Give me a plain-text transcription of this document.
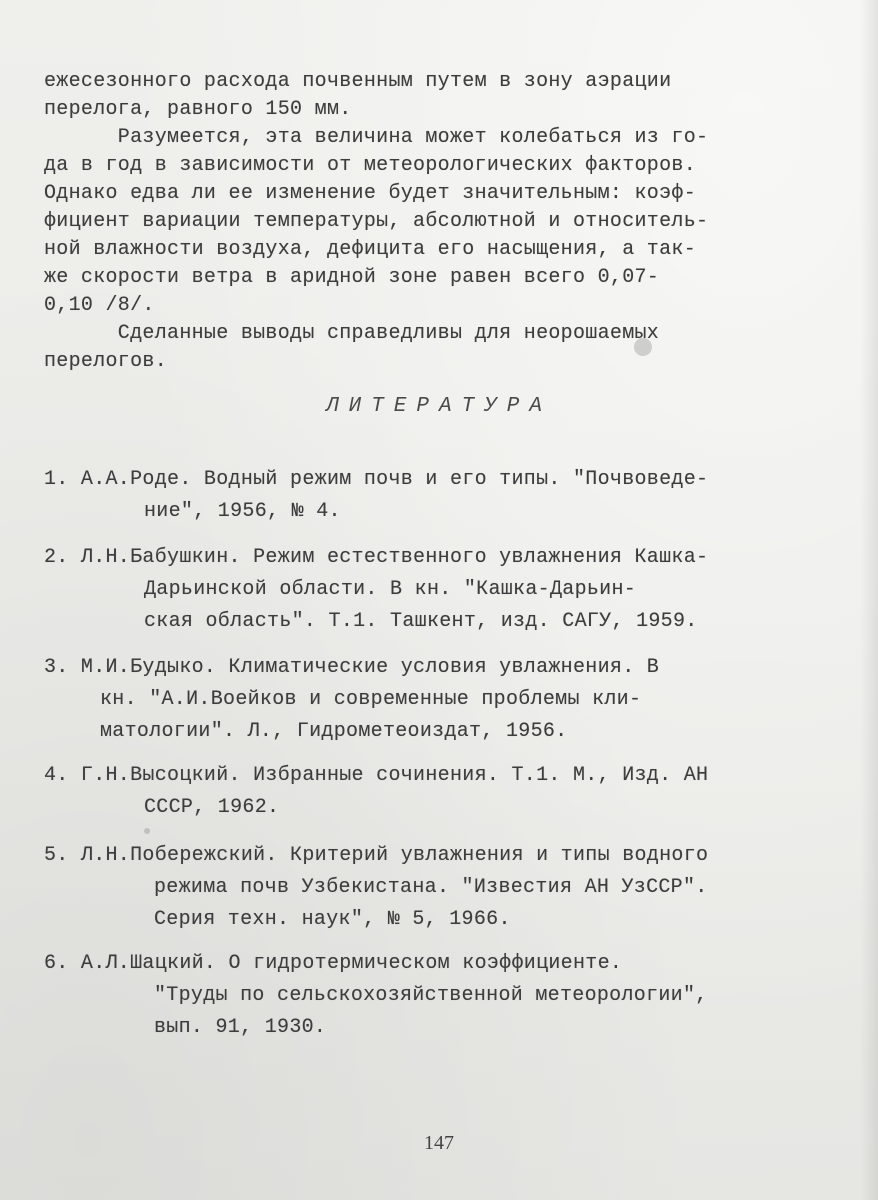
ежесезонного расхода почвенным путем в зону аэрации
перелога, равного 150 мм.
Разумеется, эта величина может колебаться из го-
да в год в зависимости от метеорологических факторов.
Однако едва ли ее изменение будет значительным: коэф-
фициент вариации температуры, абсолютной и относитель-
ной влажности воздуха, дефицита его насыщения, а так-
же скорости ветра в аридной зоне равен всего 0,07-
0,10 /8/.
Сделанные выводы справедливы для неорошаемых
перелогов.
ЛИТЕРАТУРА
1. А.А.Роде. Водный режим почв и его типы. "Почвоведе-
ние", 1956, № 4.
2. Л.Н.Бабушкин. Режим естественного увлажнения Кашка-
Дарьинской области. В кн. "Кашка-Дарьин-
ская область". Т.1. Ташкент, изд. САГУ, 1959.
3. М.И.Будыко. Климатические условия увлажнения. В
кн. "А.И.Воейков и современные проблемы кли-
матологии". Л., Гидрометеоиздат, 1956.
4. Г.Н.Высоцкий. Избранные сочинения. Т.1. М., Изд. АН
СССР, 1962.
5. Л.Н.Побережский. Критерий увлажнения и типы водного
режима почв Узбекистана. "Известия АН УзССР".
Серия техн. наук", № 5, 1966.
6. А.Л.Шацкий. О гидротермическом коэффициенте.
"Труды по сельскохозяйственной метеорологии",
вып. 91, 1930.
147
